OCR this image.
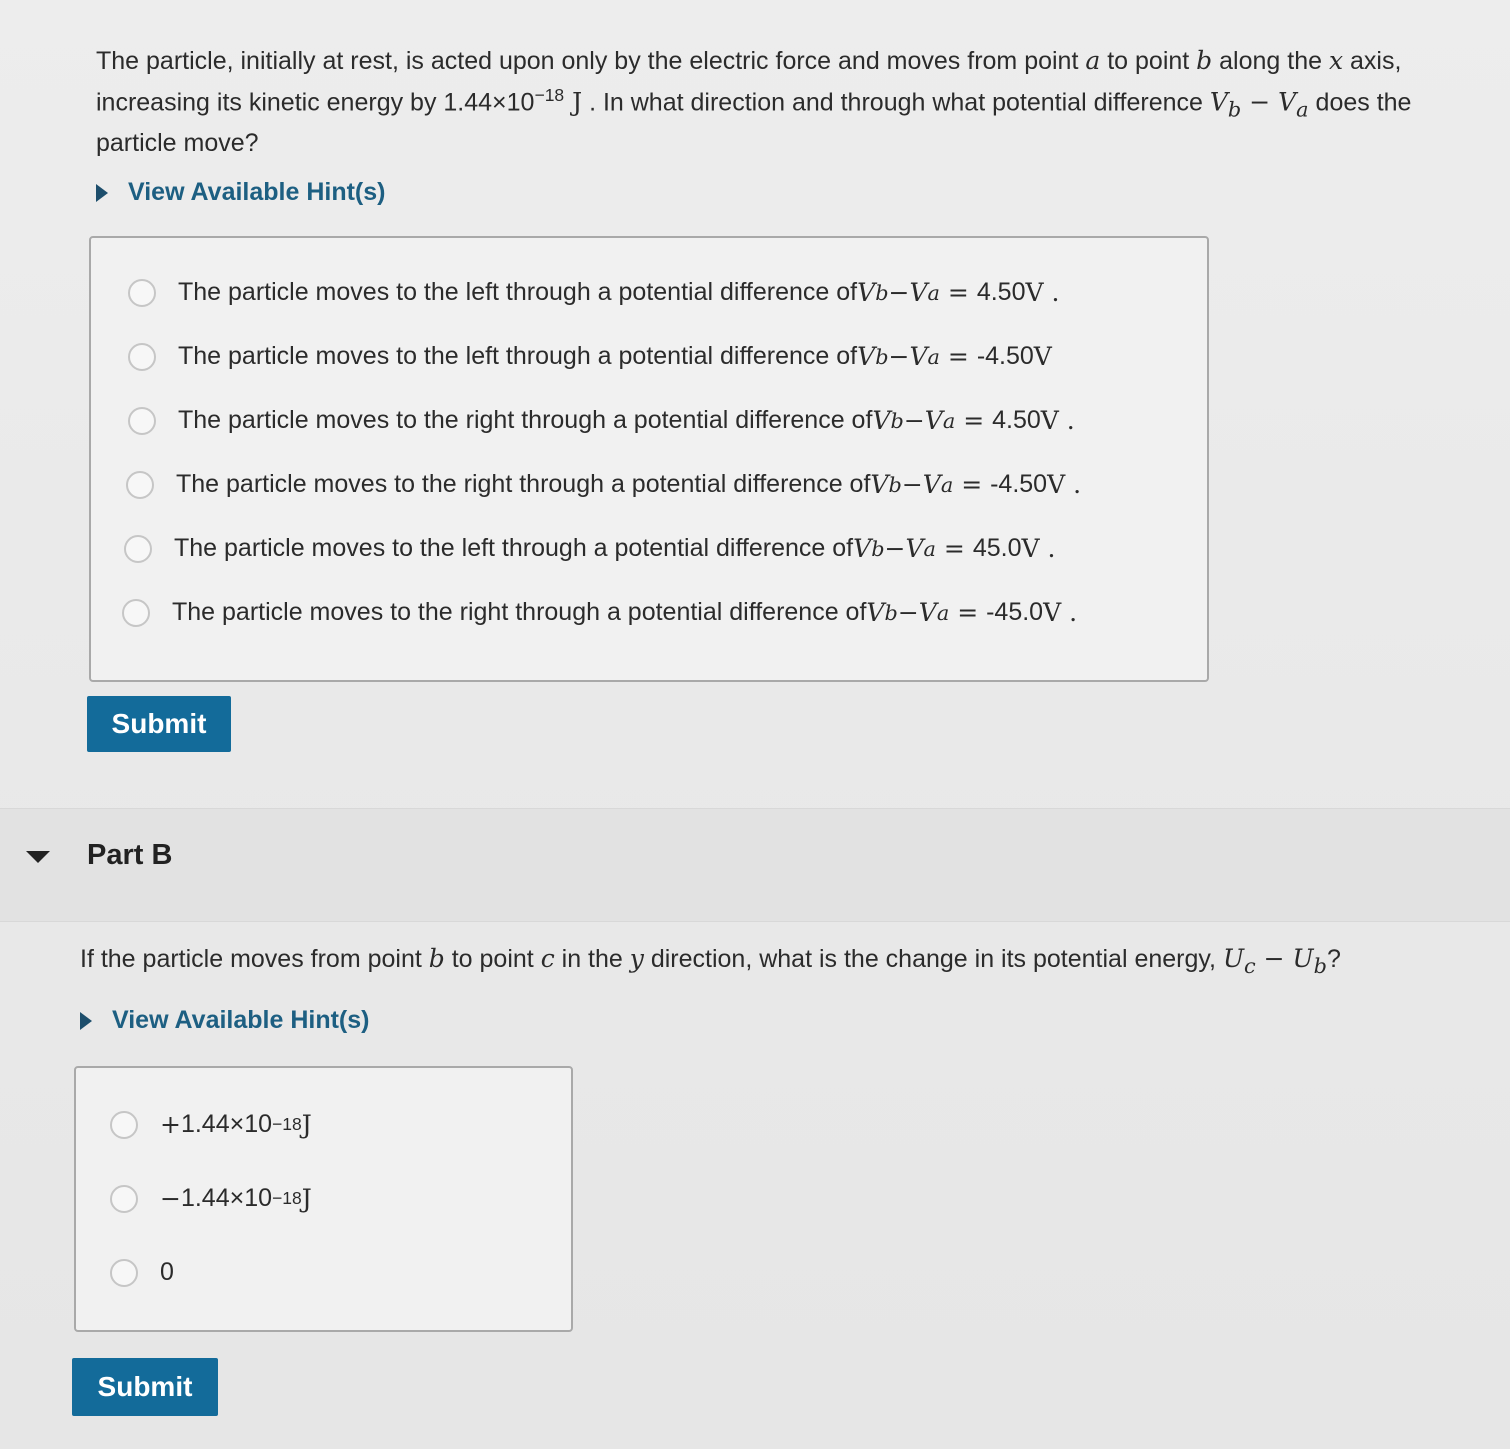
The particle, initially at rest, is acted upon only by the electric force and moves from point a to point b along the x axis, increasing its kinetic energy by $1.44\times 10^{-18}$ J . In what direction and through what potential difference $V_b - V_a$ does the particle move?
View Available Hint(s)
The particle moves to the left through a potential difference of V b − V a = 4.50 V .
The particle moves to the left through a potential difference of V b − V a = -4.50 V
The particle moves to the right through a potential difference of V b − V a = 4.50 V .
The particle moves to the right through a potential difference of V b − V a = -4.50 V .
The particle moves to the left through a potential difference of V b − V a = 45.0 V .
The particle moves to the right through a potential difference of V b − V a = -45.0 V .
Submit
Part B
If the particle moves from point b to point c in the y direction, what is the change in its potential energy, $U_c - U_b$?
View Available Hint(s)
+ 1.44×10 −18 J
− 1.44×10 −18 J
0
Submit
